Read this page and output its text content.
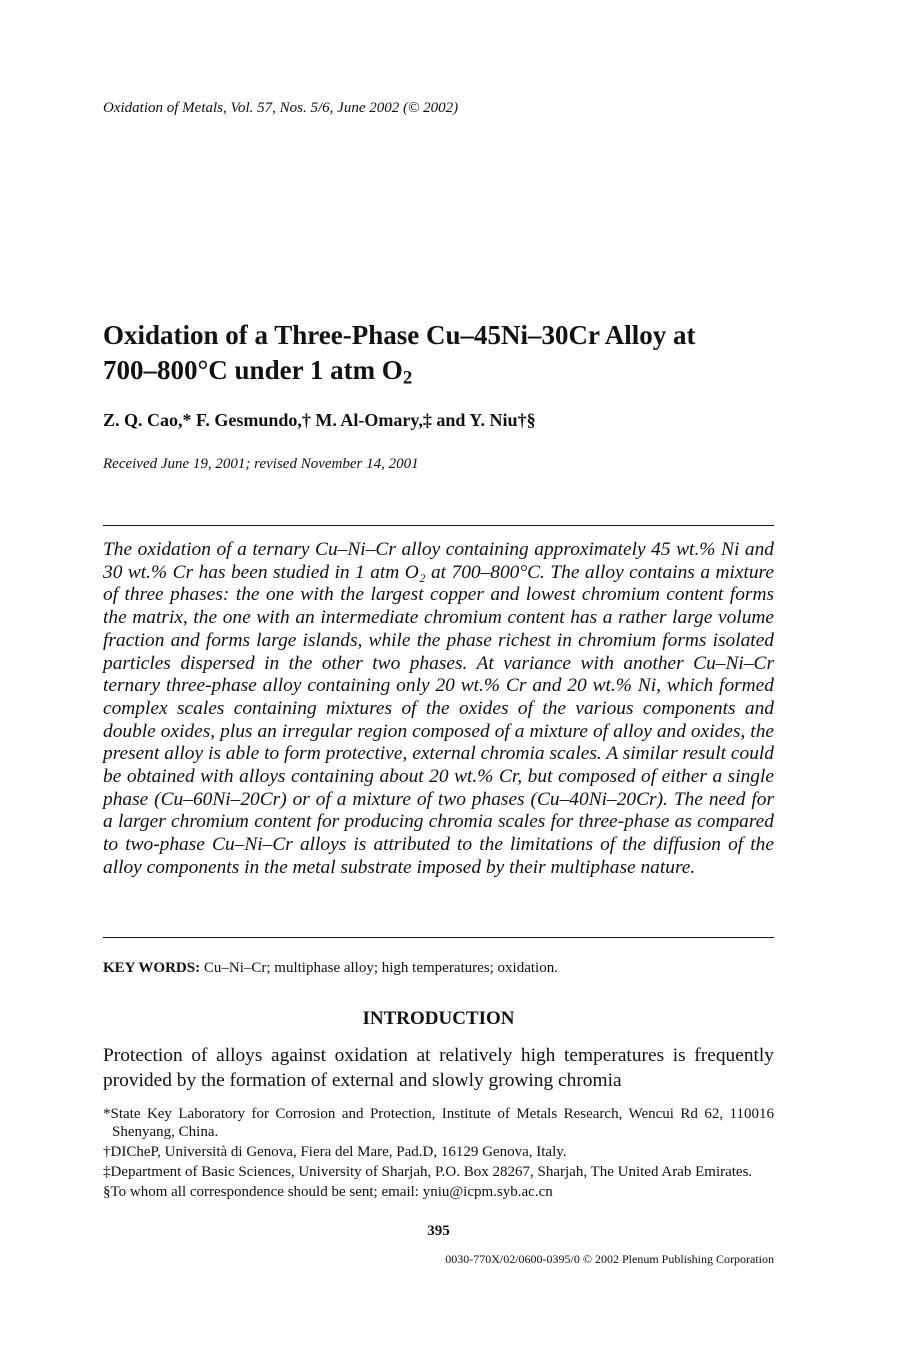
Oxidation of Metals, Vol. 57, Nos. 5/6, June 2002 (© 2002)
Oxidation of a Three-Phase Cu–45Ni–30Cr Alloy at
700–800°C under 1 atm $O_2$
Z. Q. Cao,* F. Gesmundo,† M. Al-Omary,‡ and Y. Niu†§
Received June 19, 2001; revised November 14, 2001

The oxidation of a ternary Cu–Ni–Cr alloy containing approximately 45 wt.% Ni and 30 wt.% Cr has been studied in 1 atm O₂ at 700–800°C. The alloy contains a mixture of three phases: the one with the largest copper and lowest chromium content forms the matrix, the one with an intermediate chromium content has a rather large volume fraction and forms large islands, while the phase richest in chromium forms isolated particles dispersed in the other two phases. At variance with another Cu–Ni–Cr ternary three-phase alloy containing only 20 wt.% Cr and 20 wt.% Ni, which formed complex scales containing mixtures of the oxides of the various components and double oxides, plus an irregular region composed of a mixture of alloy and oxides, the present alloy is able to form protective, external chromia scales. A similar result could be obtained with alloys containing about 20 wt.% Cr, but composed of either a single phase (Cu–60Ni–20Cr) or of a mixture of two phases (Cu–40Ni–20Cr). The need for a larger chromium content for producing chromia scales for three-phase as compared to two-phase Cu–Ni–Cr alloys is attributed to the limitations of the diffusion of the alloy components in the metal substrate imposed by their multiphase nature.

KEY WORDS: Cu–Ni–Cr; multiphase alloy; high temperatures; oxidation.
INTRODUCTION

Protection of alloys against oxidation at relatively high temperatures is frequently provided by the formation of external and slowly growing chromia

*State Key Laboratory for Corrosion and Protection, Institute of Metals Research, Wencui Rd 62, 110016 Shenyang, China.
†DICheP, Università di Genova, Fiera del Mare, Pad.D, 16129 Genova, Italy.
‡Department of Basic Sciences, University of Sharjah, P.O. Box 28267, Sharjah, The United Arab Emirates.
§To whom all correspondence should be sent; email: yniu@icpm.syb.ac.cn
395
0030-770X/02/0600-0395/0 © 2002 Plenum Publishing Corporation
